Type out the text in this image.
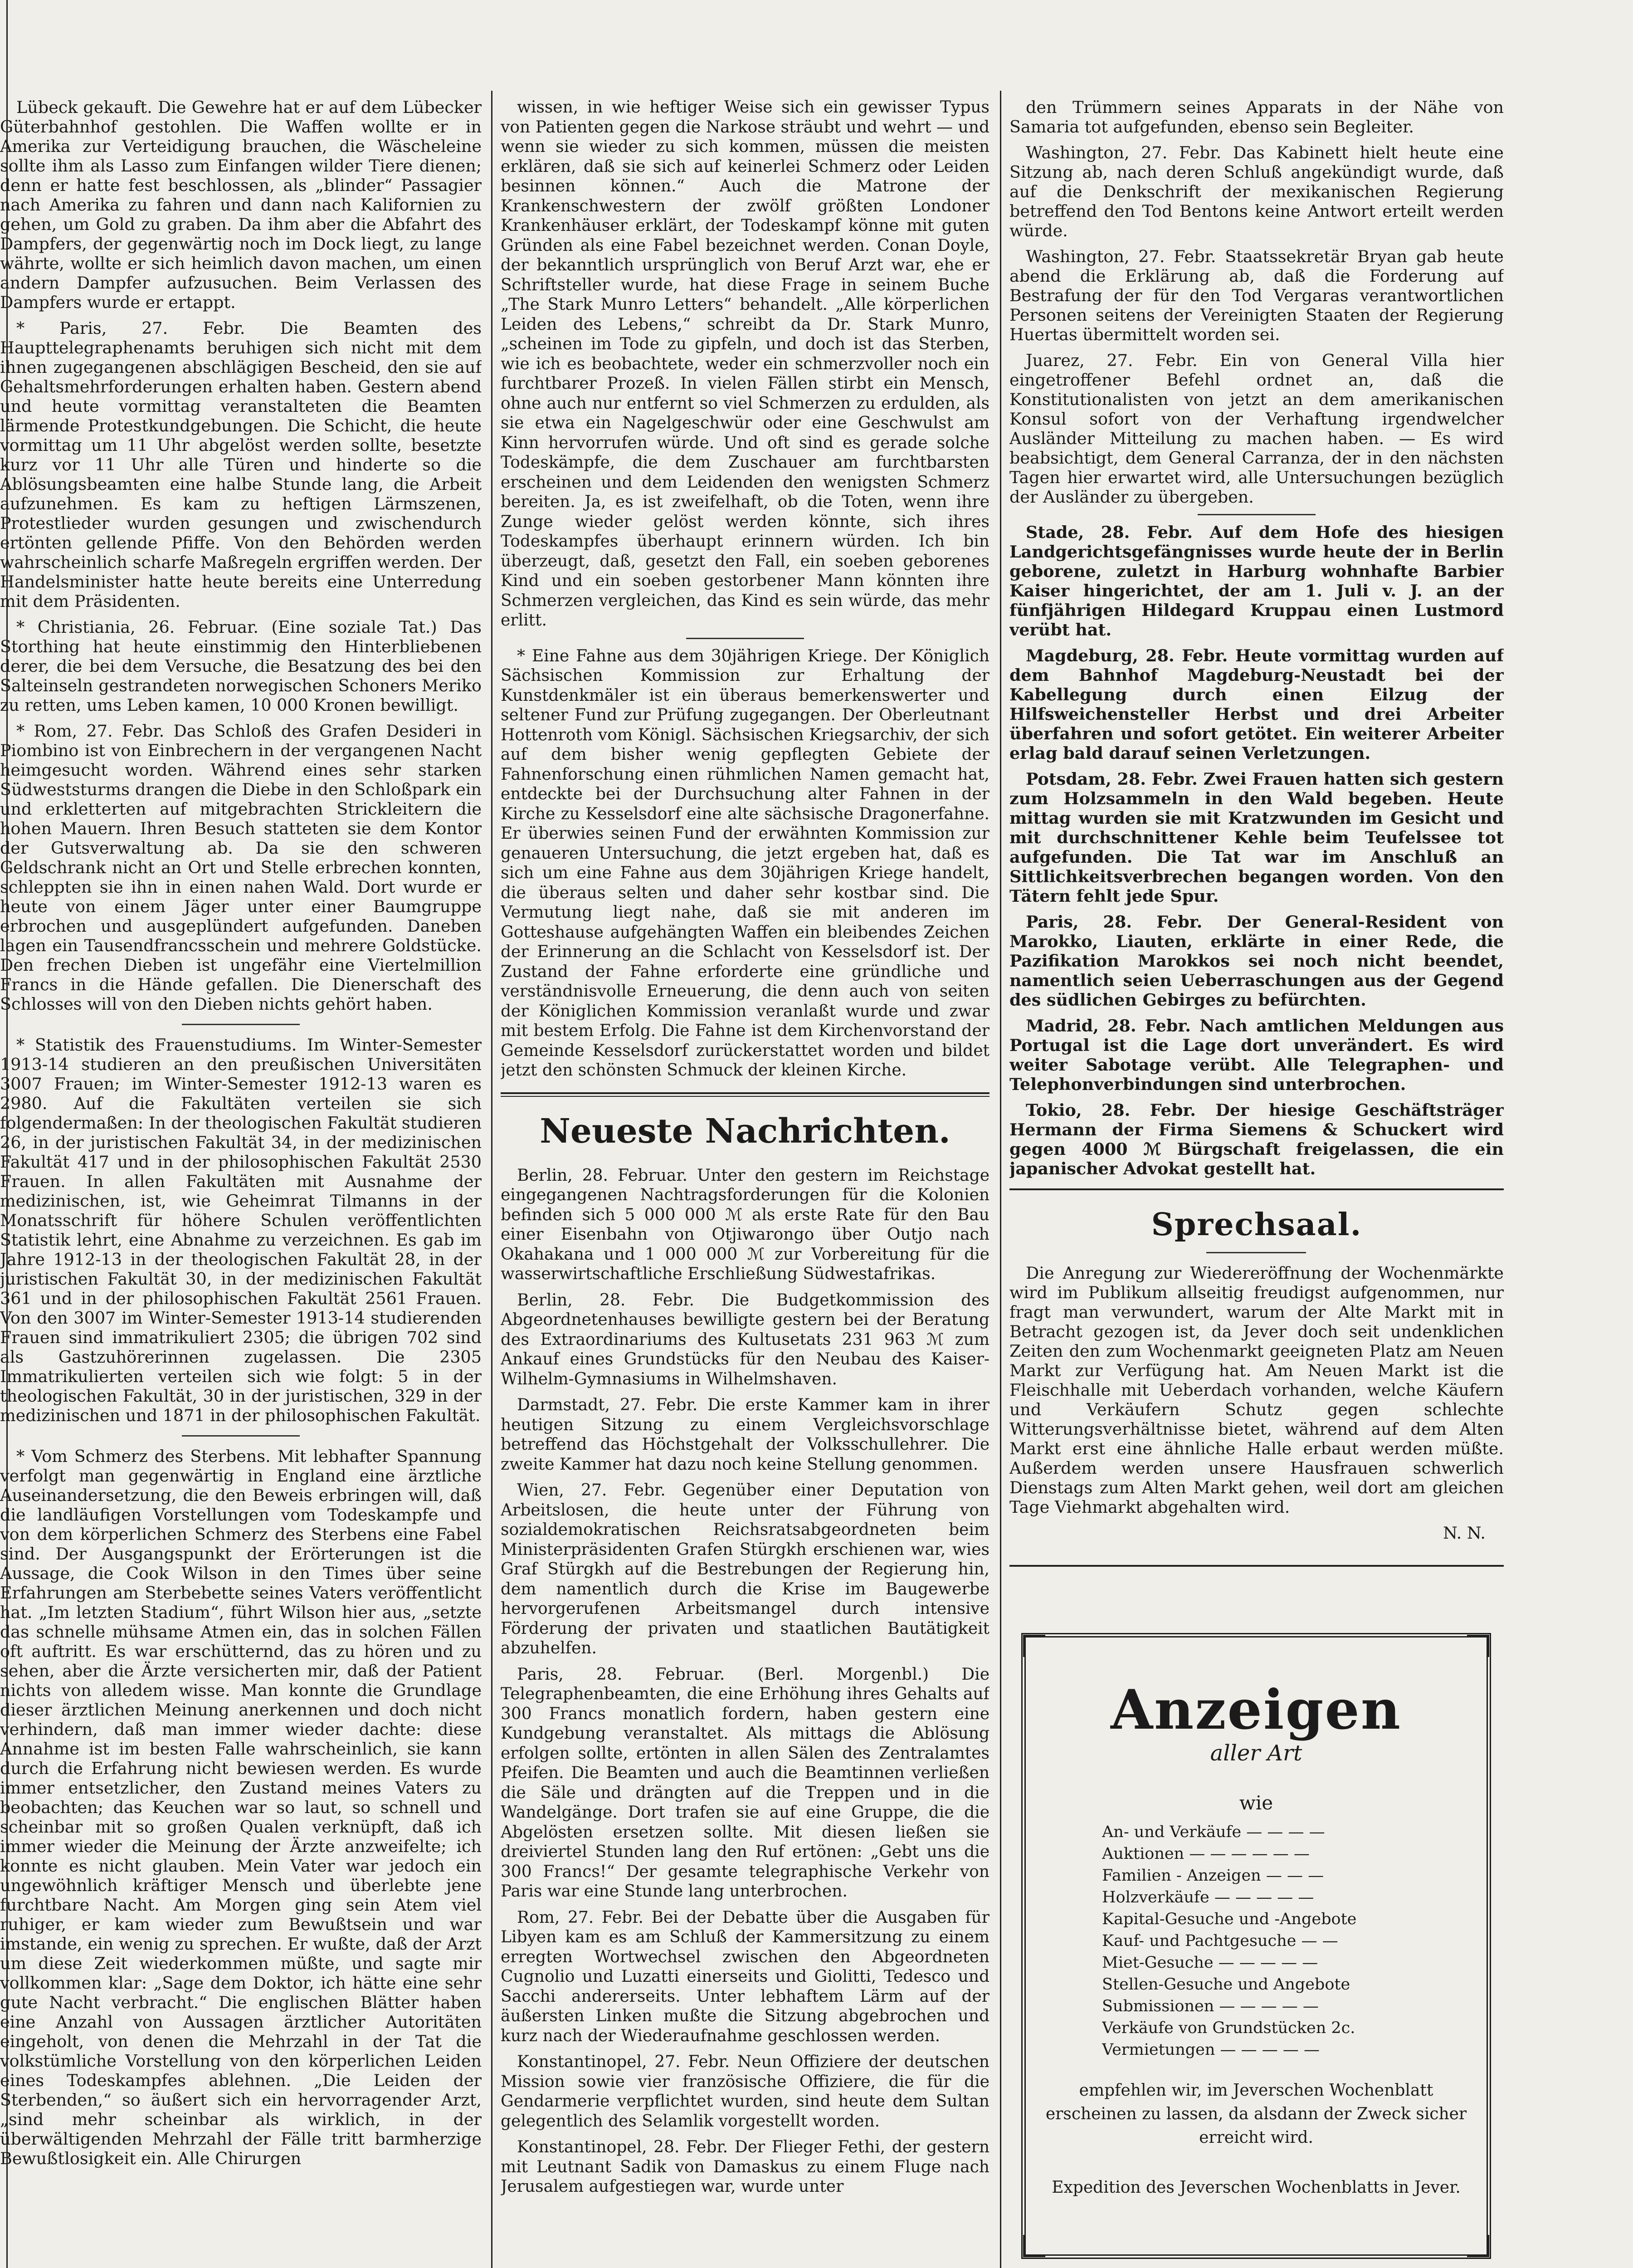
Lübeck gekauft. Die Gewehre hat er auf dem Lübecker Güterbahnhof gestohlen. Die Waffen wollte er in Amerika zur Verteidigung brauchen, die Wäscheleine sollte ihm als Lasso zum Einfangen wilder Tiere dienen; denn er hatte fest beschlossen, als „blinder“ Passagier nach Amerika zu fahren und dann nach Kalifornien zu gehen, um Gold zu graben. Da ihm aber die Abfahrt des Dampfers, der gegenwärtig noch im Dock liegt, zu lange währte, wollte er sich heimlich davon machen, um einen andern Dampfer aufzusuchen. Beim Verlassen des Dampfers wurde er ertappt.

* Paris, 27. Febr. Die Beamten des Haupttelegraphenamts beruhigen sich nicht mit dem ihnen zugegangenen abschlägigen Bescheid, den sie auf Gehaltsmehrforderungen erhalten haben. Gestern abend und heute vormittag veranstalteten die Beamten lärmende Protestkundgebungen. Die Schicht, die heute vormittag um 11 Uhr abgelöst werden sollte, besetzte kurz vor 11 Uhr alle Türen und hinderte so die Ablösungsbeamten eine halbe Stunde lang, die Arbeit aufzunehmen. Es kam zu heftigen Lärmszenen, Protestlieder wurden gesungen und zwischendurch ertönten gellende Pfiffe. Von den Behörden werden wahrscheinlich scharfe Maßregeln ergriffen werden. Der Handelsminister hatte heute bereits eine Unterredung mit dem Präsidenten.

* Christiania, 26. Februar. (Eine soziale Tat.) Das Storthing hat heute einstimmig den Hinterbliebenen derer, die bei dem Versuche, die Besatzung des bei den Salteinseln gestrandeten norwegischen Schoners Meriko zu retten, ums Leben kamen, 10 000 Kronen bewilligt.

* Rom, 27. Febr. Das Schloß des Grafen Desideri in Piombino ist von Einbrechern in der vergangenen Nacht heimgesucht worden. Während eines sehr starken Südweststurms drangen die Diebe in den Schloßpark ein und erkletterten auf mitgebrachten Strickleitern die hohen Mauern. Ihren Besuch statteten sie dem Kontor der Gutsverwaltung ab. Da sie den schweren Geldschrank nicht an Ort und Stelle erbrechen konnten, schleppten sie ihn in einen nahen Wald. Dort wurde er heute von einem Jäger unter einer Baumgruppe erbrochen und ausgeplündert aufgefunden. Daneben lagen ein Tausendfrancsschein und mehrere Goldstücke. Den frechen Dieben ist ungefähr eine Viertelmillion Francs in die Hände gefallen. Die Dienerschaft des Schlosses will von den Dieben nichts gehört haben.

* Statistik des Frauenstudiums. Im Winter-Semester 1913-14 studieren an den preußischen Universitäten 3007 Frauen; im Winter-Semester 1912-13 waren es 2980. Auf die Fakultäten verteilen sie sich folgendermaßen: In der theologischen Fakultät studieren 26, in der juristischen Fakultät 34, in der medizinischen Fakultät 417 und in der philosophischen Fakultät 2530 Frauen. In allen Fakultäten mit Ausnahme der medizinischen, ist, wie Geheimrat Tilmanns in der Monatsschrift für höhere Schulen veröffentlichten Statistik lehrt, eine Abnahme zu verzeichnen. Es gab im Jahre 1912-13 in der theologischen Fakultät 28, in der juristischen Fakultät 30, in der medizinischen Fakultät 361 und in der philosophischen Fakultät 2561 Frauen. Von den 3007 im Winter-Semester 1913-14 studierenden Frauen sind immatrikuliert 2305; die übrigen 702 sind als Gastzuhörerinnen zugelassen. Die 2305 Immatrikulierten verteilen sich wie folgt: 5 in der theologischen Fakultät, 30 in der juristischen, 329 in der medizinischen und 1871 in der philosophischen Fakultät.

* Vom Schmerz des Sterbens. Mit lebhafter Spannung verfolgt man gegenwärtig in England eine ärztliche Auseinandersetzung, die den Beweis erbringen will, daß die landläufigen Vorstellungen vom Todeskampfe und von dem körperlichen Schmerz des Sterbens eine Fabel sind. Der Ausgangspunkt der Erörterungen ist die Aussage, die Cook Wilson in den Times über seine Erfahrungen am Sterbebette seines Vaters veröffentlicht hat. „Im letzten Stadium“, führt Wilson hier aus, „setzte das schnelle mühsame Atmen ein, das in solchen Fällen oft auftritt. Es war erschütternd, das zu hören und zu sehen, aber die Ärzte versicherten mir, daß der Patient nichts von alledem wisse. Man konnte die Grundlage dieser ärztlichen Meinung anerkennen und doch nicht verhindern, daß man immer wieder dachte: diese Annahme ist im besten Falle wahrscheinlich, sie kann durch die Erfahrung nicht bewiesen werden. Es wurde immer entsetzlicher, den Zustand meines Vaters zu beobachten; das Keuchen war so laut, so schnell und scheinbar mit so großen Qualen verknüpft, daß ich immer wieder die Meinung der Ärzte anzweifelte; ich konnte es nicht glauben. Mein Vater war jedoch ein ungewöhnlich kräftiger Mensch und überlebte jene furchtbare Nacht. Am Morgen ging sein Atem viel ruhiger, er kam wieder zum Bewußtsein und war imstande, ein wenig zu sprechen. Er wußte, daß der Arzt um diese Zeit wiederkommen müßte, und sagte mir vollkommen klar: „Sage dem Doktor, ich hätte eine sehr gute Nacht verbracht.“ Die englischen Blätter haben eine Anzahl von Aussagen ärztlicher Autoritäten eingeholt, von denen die Mehrzahl in der Tat die volkstümliche Vorstellung von den körperlichen Leiden eines Todeskampfes ablehnen. „Die Leiden der Sterbenden,“ so äußert sich ein hervorragender Arzt, „sind mehr scheinbar als wirklich, in der überwältigenden Mehrzahl der Fälle tritt barmherzige Bewußtlosigkeit ein. Alle Chirurgen

wissen, in wie heftiger Weise sich ein gewisser Typus von Patienten gegen die Narkose sträubt und wehrt — und wenn sie wieder zu sich kommen, müssen die meisten erklären, daß sie sich auf keinerlei Schmerz oder Leiden besinnen können.“ Auch die Matrone der Krankenschwestern der zwölf größten Londoner Krankenhäuser erklärt, der Todeskampf könne mit guten Gründen als eine Fabel bezeichnet werden. Conan Doyle, der bekanntlich ursprünglich von Beruf Arzt war, ehe er Schriftsteller wurde, hat diese Frage in seinem Buche „The Stark Munro Letters“ behandelt. „Alle körperlichen Leiden des Lebens,“ schreibt da Dr. Stark Munro, „scheinen im Tode zu gipfeln, und doch ist das Sterben, wie ich es beobachtete, weder ein schmerzvoller noch ein furchtbarer Prozeß. In vielen Fällen stirbt ein Mensch, ohne auch nur entfernt so viel Schmerzen zu erdulden, als sie etwa ein Nagelgeschwür oder eine Geschwulst am Kinn hervorrufen würde. Und oft sind es gerade solche Todeskämpfe, die dem Zuschauer am furchtbarsten erscheinen und dem Leidenden den wenigsten Schmerz bereiten. Ja, es ist zweifelhaft, ob die Toten, wenn ihre Zunge wieder gelöst werden könnte, sich ihres Todeskampfes überhaupt erinnern würden. Ich bin überzeugt, daß, gesetzt den Fall, ein soeben geborenes Kind und ein soeben gestorbener Mann könnten ihre Schmerzen vergleichen, das Kind es sein würde, das mehr erlitt.

* Eine Fahne aus dem 30jährigen Kriege. Der Königlich Sächsischen Kommission zur Erhaltung der Kunstdenkmäler ist ein überaus bemerkenswerter und seltener Fund zur Prüfung zugegangen. Der Oberleutnant Hottenroth vom Königl. Sächsischen Kriegsarchiv, der sich auf dem bisher wenig gepflegten Gebiete der Fahnenforschung einen rühmlichen Namen gemacht hat, entdeckte bei der Durchsuchung alter Fahnen in der Kirche zu Kesselsdorf eine alte sächsische Dragonerfahne. Er überwies seinen Fund der erwähnten Kommission zur genaueren Untersuchung, die jetzt ergeben hat, daß es sich um eine Fahne aus dem 30jährigen Kriege handelt, die überaus selten und daher sehr kostbar sind. Die Vermutung liegt nahe, daß sie mit anderen im Gotteshause aufgehängten Waffen ein bleibendes Zeichen der Erinnerung an die Schlacht von Kesselsdorf ist. Der Zustand der Fahne erforderte eine gründliche und verständnisvolle Erneuerung, die denn auch von seiten der Königlichen Kommission veranlaßt wurde und zwar mit bestem Erfolg. Die Fahne ist dem Kirchenvorstand der Gemeinde Kesselsdorf zurückerstattet worden und bildet jetzt den schönsten Schmuck der kleinen Kirche.

Neueste Nachrichten.

Berlin, 28. Februar. Unter den gestern im Reichstage eingegangenen Nachtragsforderungen für die Kolonien befinden sich 5 000 000 ℳ als erste Rate für den Bau einer Eisenbahn von Otjiwarongo über Outjo nach Okahakana und 1 000 000 ℳ zur Vorbereitung für die wasserwirtschaftliche Erschließung Südwestafrikas.

Berlin, 28. Febr. Die Budgetkommission des Abgeordnetenhauses bewilligte gestern bei der Beratung des Extraordinariums des Kultusetats 231 963 ℳ zum Ankauf eines Grundstücks für den Neubau des Kaiser-Wilhelm-Gymnasiums in Wilhelmshaven.

Darmstadt, 27. Febr. Die erste Kammer kam in ihrer heutigen Sitzung zu einem Vergleichsvorschlage betreffend das Höchstgehalt der Volksschullehrer. Die zweite Kammer hat dazu noch keine Stellung genommen.

Wien, 27. Febr. Gegenüber einer Deputation von Arbeitslosen, die heute unter der Führung von sozialdemokratischen Reichsratsabgeordneten beim Ministerpräsidenten Grafen Stürgkh erschienen war, wies Graf Stürgkh auf die Bestrebungen der Regierung hin, dem namentlich durch die Krise im Baugewerbe hervorgerufenen Arbeitsmangel durch intensive Förderung der privaten und staatlichen Bautätigkeit abzuhelfen.

Paris, 28. Februar. (Berl. Morgenbl.) Die Telegraphenbeamten, die eine Erhöhung ihres Gehalts auf 300 Francs monatlich fordern, haben gestern eine Kundgebung veranstaltet. Als mittags die Ablösung erfolgen sollte, ertönten in allen Sälen des Zentralamtes Pfeifen. Die Beamten und auch die Beamtinnen verließen die Säle und drängten auf die Treppen und in die Wandelgänge. Dort trafen sie auf eine Gruppe, die die Abgelösten ersetzen sollte. Mit diesen ließen sie dreiviertel Stunden lang den Ruf ertönen: „Gebt uns die 300 Francs!“ Der gesamte telegraphische Verkehr von Paris war eine Stunde lang unterbrochen.

Rom, 27. Febr. Bei der Debatte über die Ausgaben für Libyen kam es am Schluß der Kammersitzung zu einem erregten Wortwechsel zwischen den Abgeordneten Cugnolio und Luzatti einerseits und Giolitti, Tedesco und Sacchi andererseits. Unter lebhaftem Lärm auf der äußersten Linken mußte die Sitzung abgebrochen und kurz nach der Wiederaufnahme geschlossen werden.

Konstantinopel, 27. Febr. Neun Offiziere der deutschen Mission sowie vier französische Offiziere, die für die Gendarmerie verpflichtet wurden, sind heute dem Sultan gelegentlich des Selamlik vorgestellt worden.

Konstantinopel, 28. Febr. Der Flieger Fethi, der gestern mit Leutnant Sadik von Damaskus zu einem Fluge nach Jerusalem aufgestiegen war, wurde unter

den Trümmern seines Apparats in der Nähe von Samaria tot aufgefunden, ebenso sein Begleiter.

Washington, 27. Febr. Das Kabinett hielt heute eine Sitzung ab, nach deren Schluß angekündigt wurde, daß auf die Denkschrift der mexikanischen Regierung betreffend den Tod Bentons keine Antwort erteilt werden würde.

Washington, 27. Febr. Staatssekretär Bryan gab heute abend die Erklärung ab, daß die Forderung auf Bestrafung der für den Tod Vergaras verantwortlichen Personen seitens der Vereinigten Staaten der Regierung Huertas übermittelt worden sei.

Juarez, 27. Febr. Ein von General Villa hier eingetroffener Befehl ordnet an, daß die Konstitutionalisten von jetzt an dem amerikanischen Konsul sofort von der Verhaftung irgendwelcher Ausländer Mitteilung zu machen haben. — Es wird beabsichtigt, dem General Carranza, der in den nächsten Tagen hier erwartet wird, alle Untersuchungen bezüglich der Ausländer zu übergeben.

Stade, 28. Febr. Auf dem Hofe des hiesigen Landgerichtsgefängnisses wurde heute der in Berlin geborene, zuletzt in Harburg wohnhafte Barbier Kaiser hingerichtet, der am 1. Juli v. J. an der fünfjährigen Hildegard Kruppau einen Lustmord verübt hat.

Magdeburg, 28. Febr. Heute vormittag wurden auf dem Bahnhof Magdeburg-Neustadt bei der Kabellegung durch einen Eilzug der Hilfsweichensteller Herbst und drei Arbeiter überfahren und sofort getötet. Ein weiterer Arbeiter erlag bald darauf seinen Verletzungen.

Potsdam, 28. Febr. Zwei Frauen hatten sich gestern zum Holzsammeln in den Wald begeben. Heute mittag wurden sie mit Kratzwunden im Gesicht und mit durchschnittener Kehle beim Teufelssee tot aufgefunden. Die Tat war im Anschluß an Sittlichkeitsverbrechen begangen worden. Von den Tätern fehlt jede Spur.

Paris, 28. Febr. Der General-Resident von Marokko, Liauten, erklärte in einer Rede, die Pazifikation Marokkos sei noch nicht beendet, namentlich seien Ueberraschungen aus der Gegend des südlichen Gebirges zu befürchten.

Madrid, 28. Febr. Nach amtlichen Meldungen aus Portugal ist die Lage dort unverändert. Es wird weiter Sabotage verübt. Alle Telegraphen- und Telephonverbindungen sind unterbrochen.

Tokio, 28. Febr. Der hiesige Geschäftsträger Hermann der Firma Siemens & Schuckert wird gegen 4000 ℳ Bürgschaft freigelassen, die ein japanischer Advokat gestellt hat.

Sprechsaal.

Die Anregung zur Wiedereröffnung der Wochenmärkte wird im Publikum allseitig freudigst aufgenommen, nur fragt man verwundert, warum der Alte Markt mit in Betracht gezogen ist, da Jever doch seit undenklichen Zeiten den zum Wochenmarkt geeigneten Platz am Neuen Markt zur Verfügung hat. Am Neuen Markt ist die Fleischhalle mit Ueberdach vorhanden, welche Käufern und Verkäufern Schutz gegen schlechte Witterungsverhältnisse bietet, während auf dem Alten Markt erst eine ähnliche Halle erbaut werden müßte. Außerdem werden unsere Hausfrauen schwerlich Dienstags zum Alten Markt gehen, weil dort am gleichen Tage Viehmarkt abgehalten wird.

N. N.
Anzeigen
aller Art
wie
An- und Verkäufe — — — —
Auktionen — — — — — —
Familien - Anzeigen — — —
Holzverkäufe — — — — —
Kapital-Gesuche und -Angebote
Kauf- und Pachtgesuche — —
Miet-Gesuche — — — — —
Stellen-Gesuche und Angebote
Submissionen — — — — —
Verkäufe von Grundstücken 2c.
Vermietungen — — — — —
empfehlen wir, im Jeverschen Wochenblatt erscheinen zu lassen, da alsdann der Zweck sicher erreicht wird.
Expedition des Jeverschen Wochenblatts in Jever.
